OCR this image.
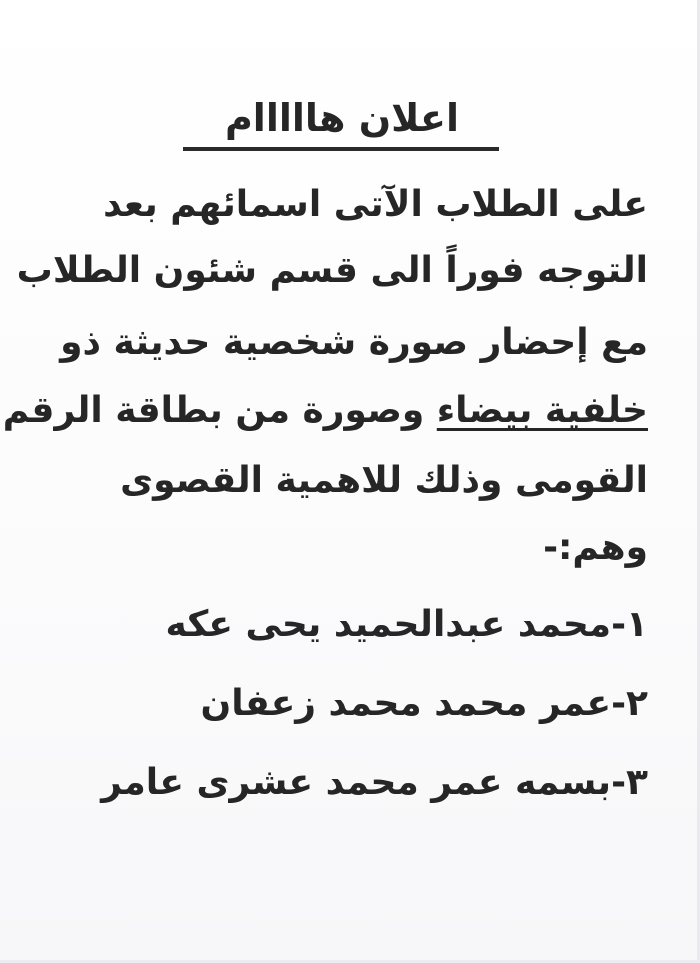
اعلان هااااام

على الطلاب الآتى اسمائهم بعد

التوجه فوراً الى قسم شئون الطلاب

مع إحضار صورة شخصية حديثة ذو

خلفية بيضاء وصورة من بطاقة الرقم

القومى وذلك للاهمية القصوى

وهم:-

١-محمد عبدالحميد يحى عكه

٢-عمر محمد محمد زعفان

٣-بسمه عمر محمد عشرى عامر
